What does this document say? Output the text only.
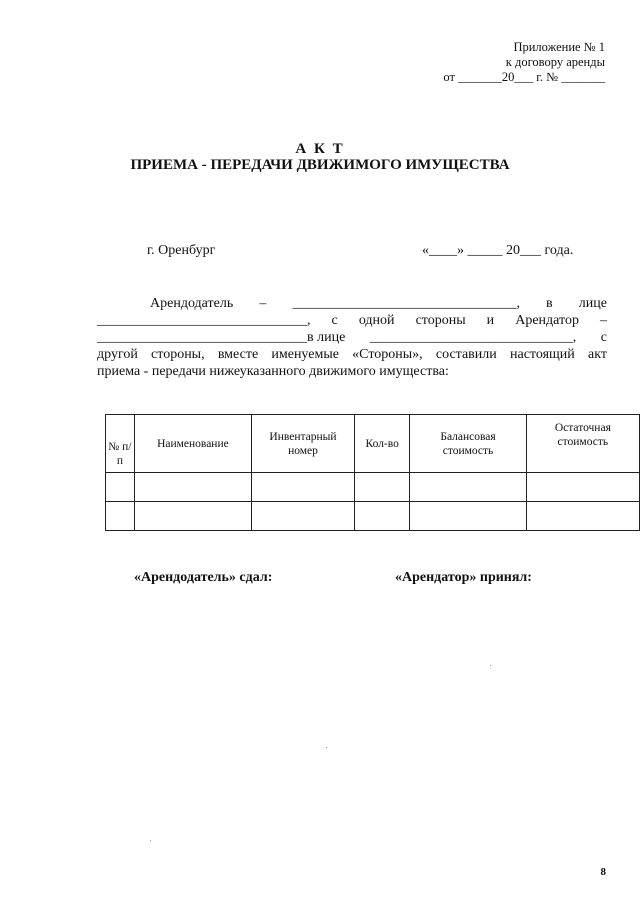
Приложение № 1
к договору аренды
от _______20___ г. № _______
А К Т
ПРИЕМА - ПЕРЕДАЧИ ДВИЖИМОГО ИМУЩЕСТВА
г. Оренбург	«____» _____ 20___ года.
Арендодатель – ________________________________, в лице
______________________________, с одной стороны и Арендатор –
______________________________в лице _____________________________, с
другой стороны, вместе именуемые «Стороны», составили настоящий акт
приема - передачи нижеуказанного движимого имущества:
№ п/п	Наименование	Инвентарный номер	Кол-во	Балансовая стоимость	Остаточная стоимость

«Арендодатель» сдал:	«Арендатор» принял:
8
